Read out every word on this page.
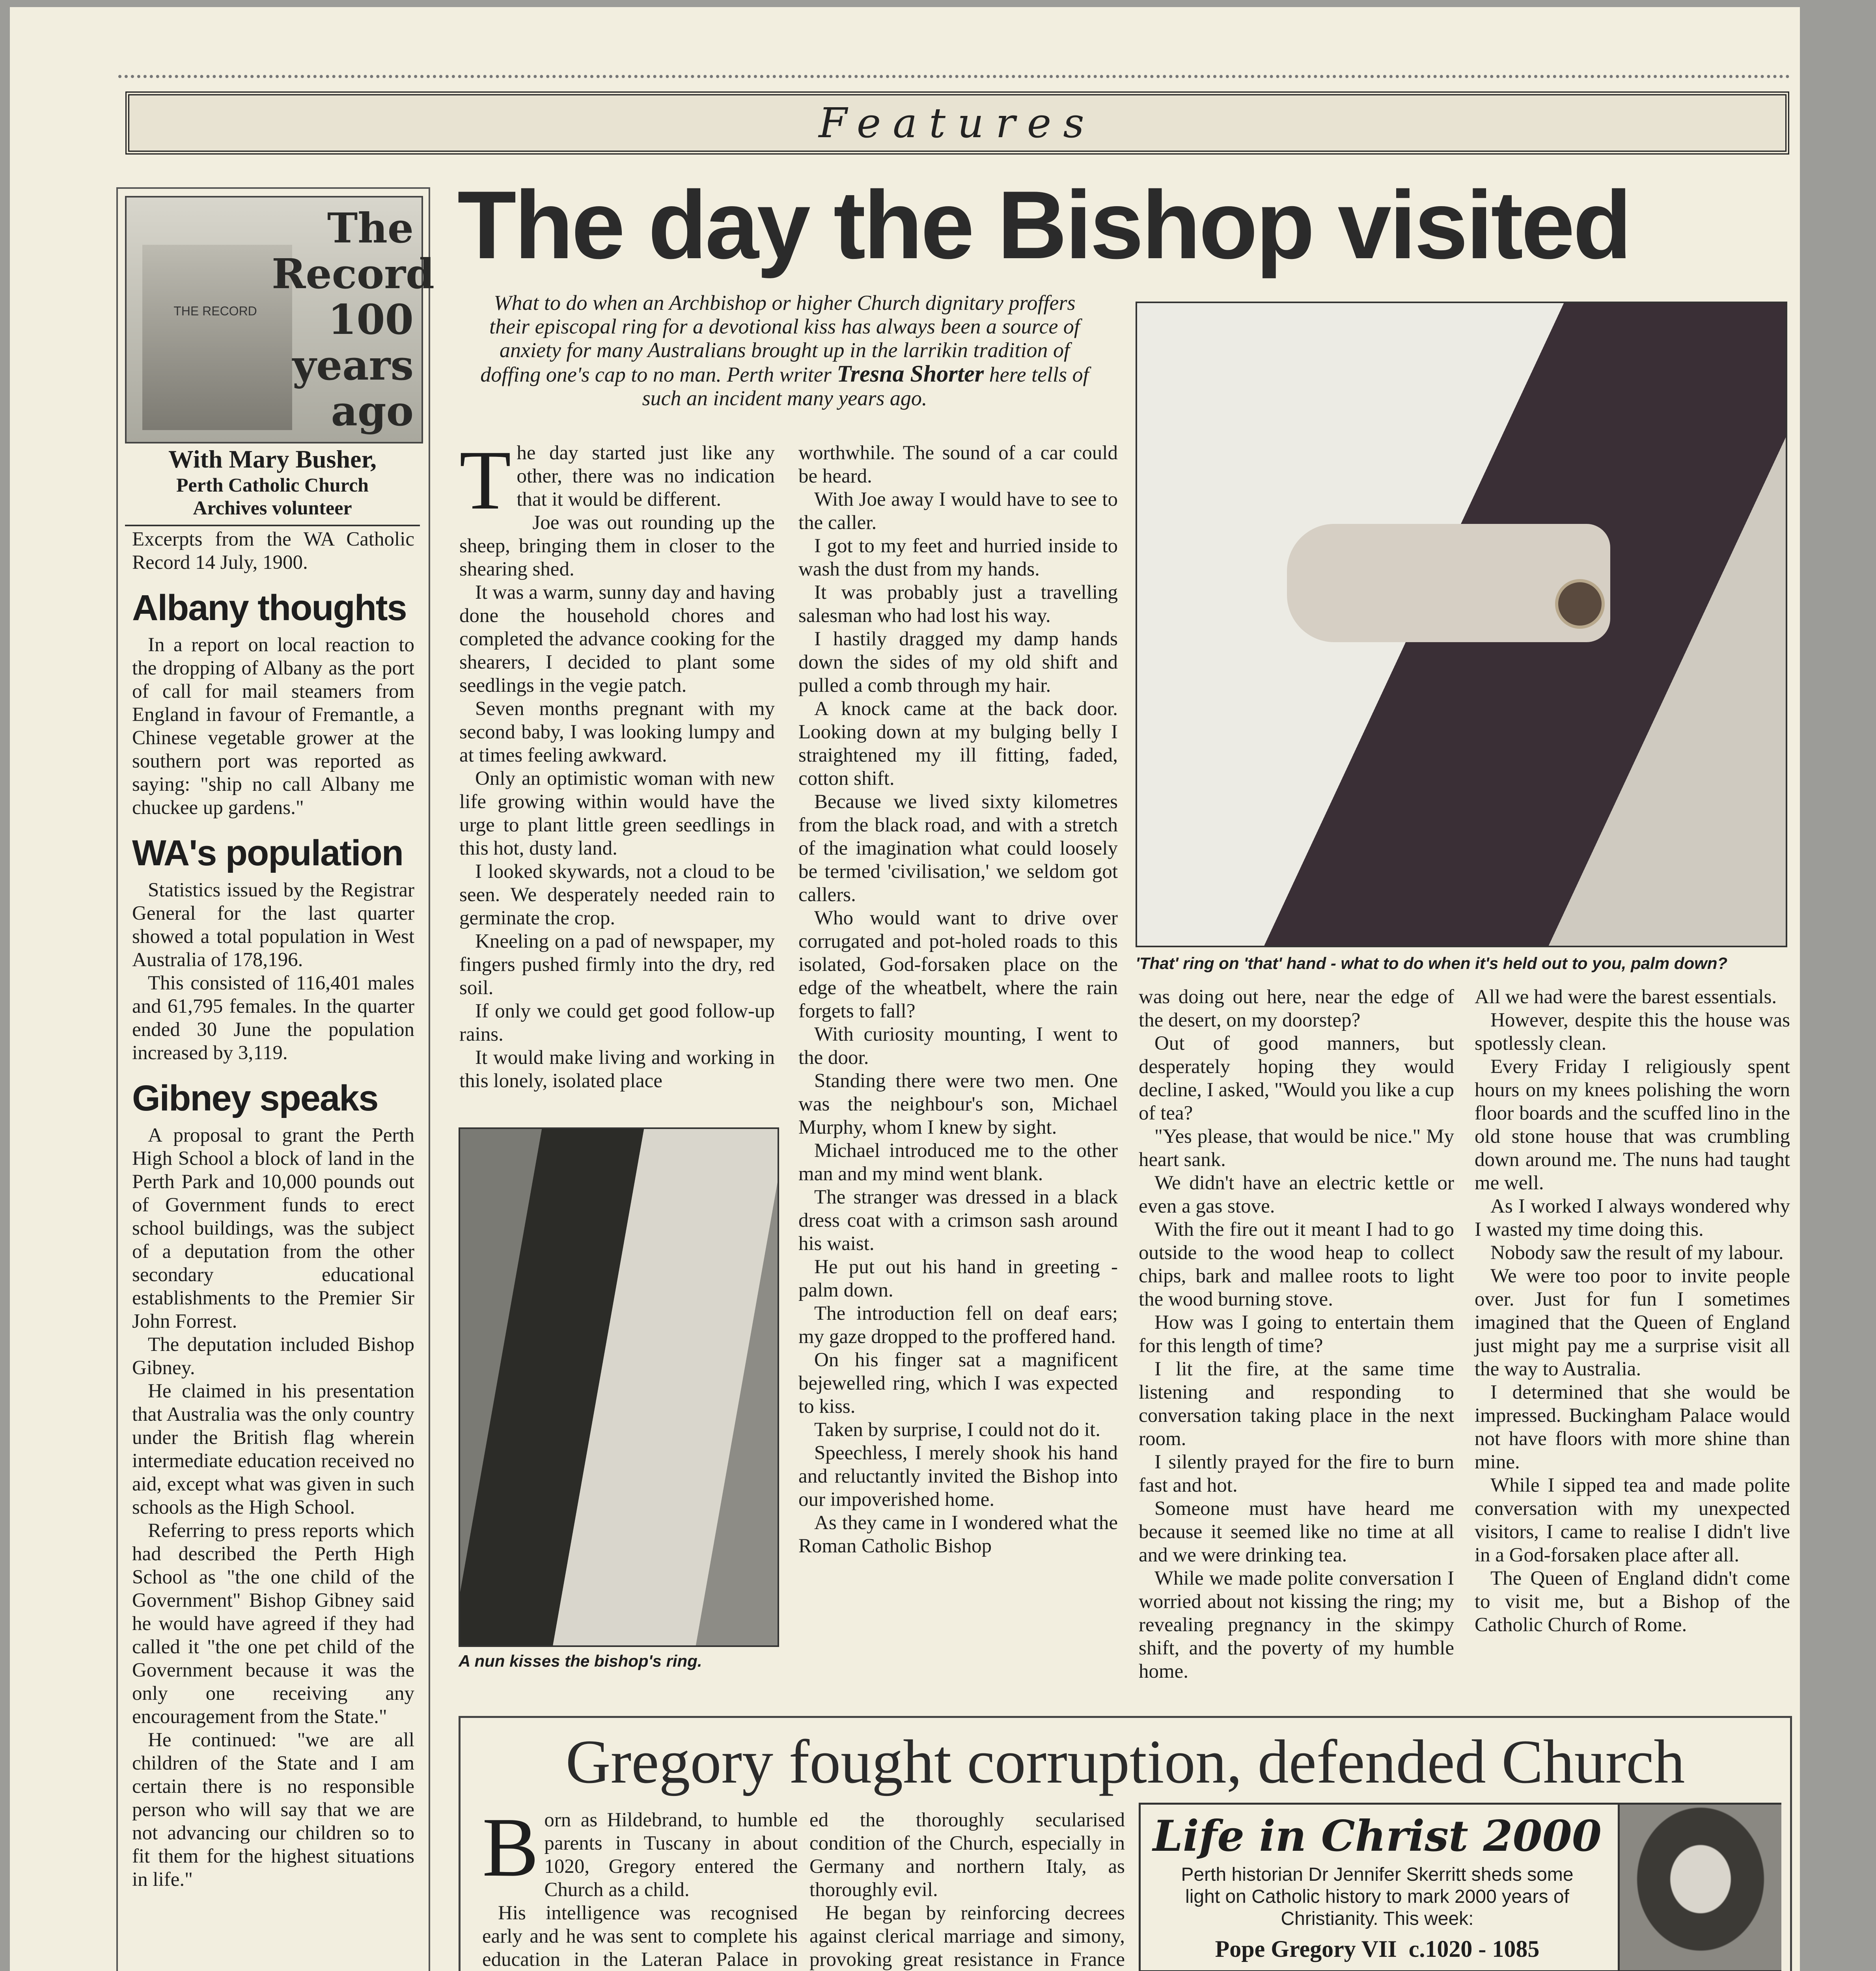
Features
THE RECORD
The
Record
100
years
ago
With Mary Busher,
Perth Catholic Church
Archives volunteer

Excerpts from the WA Catholic Record 14 July, 1900.

Albany thoughts

In a report on local reaction to the dropping of Albany as the port of call for mail steamers from England in favour of Fremantle, a Chinese vegetable grower at the southern port was reported as saying: "ship no call Albany me chuckee up gardens."

WA's population

Statistics issued by the Registrar General for the last quarter showed a total population in West Australia of 178,196.

This consisted of 116,401 males and 61,795 females. In the quarter ended 30 June the population increased by 3,119.

Gibney speaks

A proposal to grant the Perth High School a block of land in the Perth Park and 10,000 pounds out of Government funds to erect school buildings, was the subject of a deputation from the other secondary educational establishments to the Premier Sir John Forrest.

The deputation included Bishop Gibney.

He claimed in his presentation that Australia was the only country under the British flag wherein intermediate education received no aid, except what was given in such schools as the High School.

Referring to press reports which had described the Perth High School as "the one child of the Government" Bishop Gibney said he would have agreed if they had called it "the one pet child of the Government because it was the only one receiving any encouragement from the State."

He continued: "we are all children of the State and I am certain there is no responsible person who will say that we are not advancing our children so to fit them for the highest situations in life."

The day the Bishop visited
What to do when an Archbishop or higher Church dignitary proffers their episcopal ring for a devotional kiss has always been a source of anxiety for many Australians brought up in the larrikin tradition of doffing one's cap to no man. Perth writer Tresna Shorter here tells of such an incident many years ago.

The day started just like any other, there was no indication that it would be different.

Joe was out rounding up the sheep, bringing them in closer to the shearing shed.

It was a warm, sunny day and having done the household chores and completed the advance cooking for the shearers, I decided to plant some seedlings in the vegie patch.

Seven months pregnant with my second baby, I was looking lumpy and at times feeling awkward.

Only an optimistic woman with new life growing within would have the urge to plant little green seedlings in this hot, dusty land.

I looked skywards, not a cloud to be seen. We desperately needed rain to germinate the crop.

Kneeling on a pad of newspaper, my fingers pushed firmly into the dry, red soil.

If only we could get good follow-up rains.

It would make living and working in this lonely, isolated place

A nun kisses the bishop's ring.

worthwhile. The sound of a car could be heard.

With Joe away I would have to see to the caller.

I got to my feet and hurried inside to wash the dust from my hands.

It was probably just a travelling salesman who had lost his way.

I hastily dragged my damp hands down the sides of my old shift and pulled a comb through my hair.

A knock came at the back door. Looking down at my bulging belly I straightened my ill fitting, faded, cotton shift.

Because we lived sixty kilometres from the black road, and with a stretch of the imagination what could loosely be termed 'civilisation,' we seldom got callers.

Who would want to drive over corrugated and pot-holed roads to this isolated, God-forsaken place on the edge of the wheatbelt, where the rain forgets to fall?

With curiosity mounting, I went to the door.

Standing there were two men. One was the neighbour's son, Michael Murphy, whom I knew by sight.

Michael introduced me to the other man and my mind went blank.

The stranger was dressed in a black dress coat with a crimson sash around his waist.

He put out his hand in greeting - palm down.

The introduction fell on deaf ears; my gaze dropped to the proffered hand.

On his finger sat a magnificent bejewelled ring, which I was expected to kiss.

Taken by surprise, I could not do it.

Speechless, I merely shook his hand and reluctantly invited the Bishop into our impoverished home.

As they came in I wondered what the Roman Catholic Bishop

'That' ring on 'that' hand - what to do when it's held out to you, palm down?

was doing out here, near the edge of the desert, on my doorstep?

Out of good manners, but desperately hoping they would decline, I asked, "Would you like a cup of tea?

"Yes please, that would be nice." My heart sank.

We didn't have an electric kettle or even a gas stove.

With the fire out it meant I had to go outside to the wood heap to collect chips, bark and mallee roots to light the wood burning stove.

How was I going to entertain them for this length of time?

I lit the fire, at the same time listening and responding to conversation taking place in the next room.

I silently prayed for the fire to burn fast and hot.

Someone must have heard me because it seemed like no time at all and we were drinking tea.

While we made polite conversation I worried about not kissing the ring; my revealing pregnancy in the skimpy shift, and the poverty of my humble home.

All we had were the barest essentials.

However, despite this the house was spotlessly clean.

Every Friday I religiously spent hours on my knees polishing the worn floor boards and the scuffed lino in the old stone house that was crumbling down around me. The nuns had taught me well.

As I worked I always wondered why I wasted my time doing this.

Nobody saw the result of my labour.

We were too poor to invite people over. Just for fun I sometimes imagined that the Queen of England just might pay me a surprise visit all the way to Australia.

I determined that she would be impressed. Buckingham Palace would not have floors with more shine than mine.

While I sipped tea and made polite conversation with my unexpected visitors, I came to realise I didn't live in a God-forsaken place after all.

The Queen of England didn't come to visit me, but a Bishop of the Catholic Church of Rome.

Gregory fought corruption, defended Church

Born as Hildebrand, to humble parents in Tuscany in about 1020, Gregory entered the Church as a child.

His intelligence was recognised early and he was sent to complete his education in the Lateran Palace in

ed the thoroughly secularised condition of the Church, especially in Germany and northern Italy, as thoroughly evil.

He began by reinforcing decrees against clerical marriage and simony, provoking great resistance in France

Life in Christ 2000
Perth historian Dr Jennifer Skerritt sheds some light on Catholic history to mark 2000 years of Christianity. This week:
Pope Gregory VII  c.1020 - 1085
